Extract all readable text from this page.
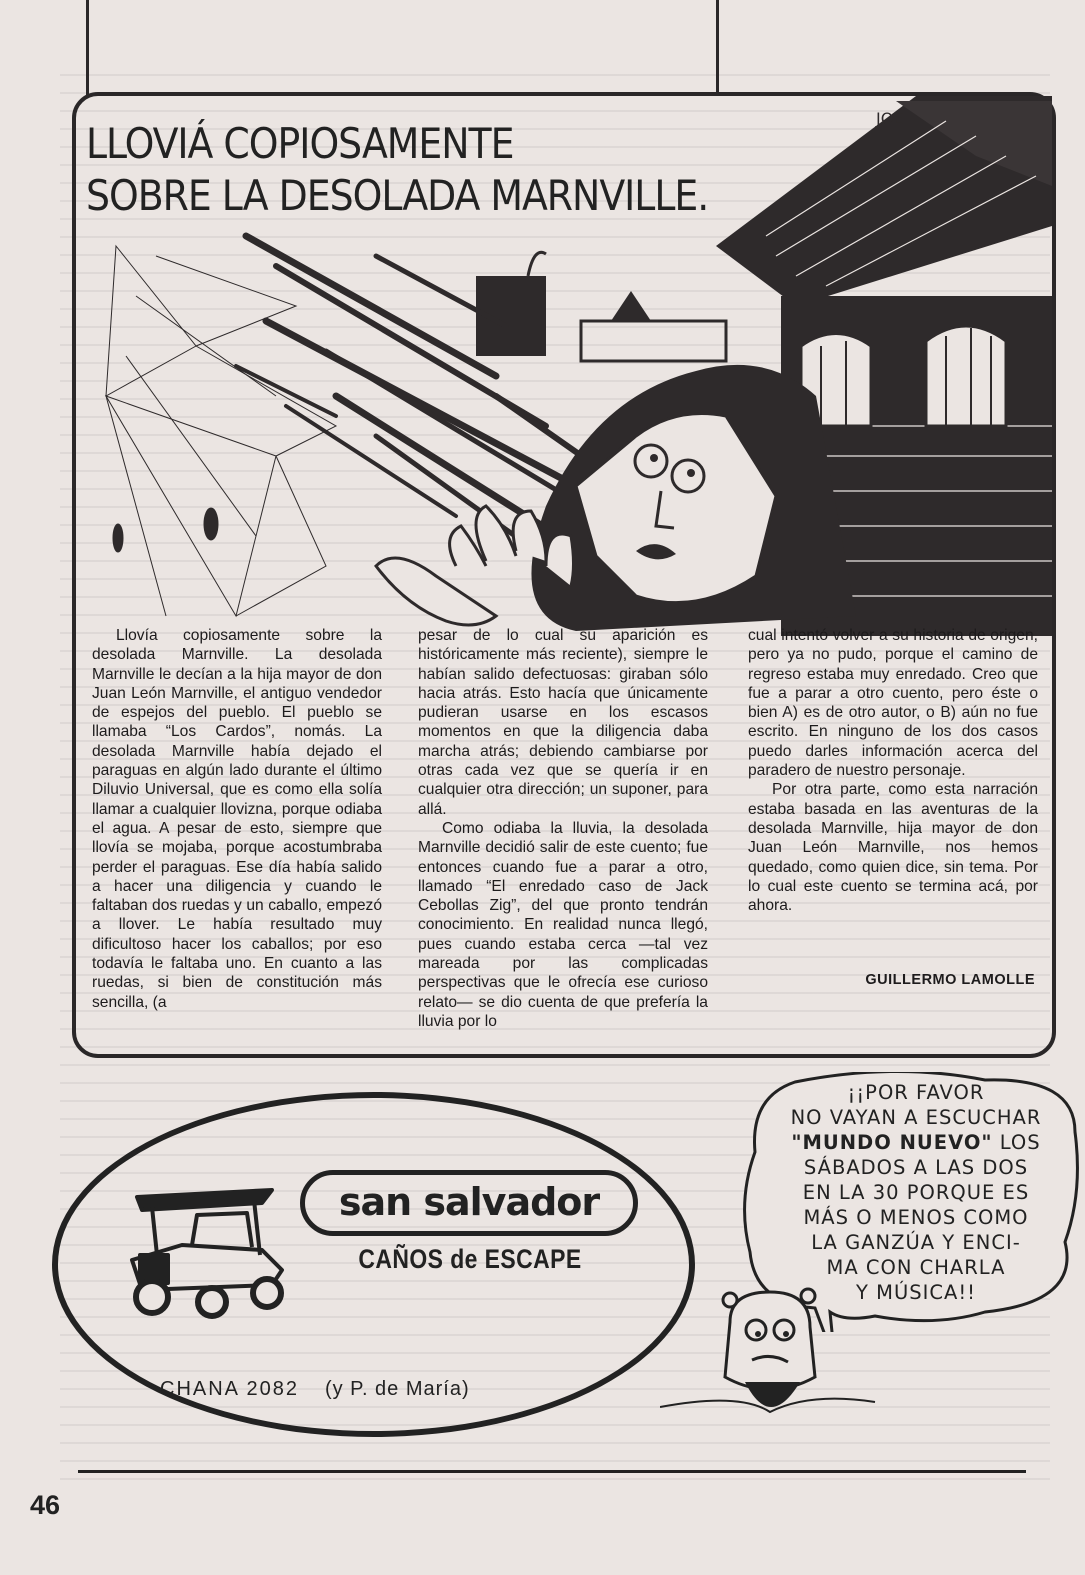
JOE
LLOVIÁ COPIOSAMENTE
SOBRE LA DESOLADA MARNVILLE.

Llovía copiosamente sobre la desolada Marnville. La desolada Marnville le decían a la hija mayor de don Juan León Marnville, el antiguo vendedor de espejos del pueblo. El pueblo se llamaba “Los Cardos”, nomás. La desolada Marnville había dejado el paraguas en algún lado durante el último Diluvio Universal, que es como ella solía llamar a cualquier llovizna, porque odiaba el agua. A pesar de esto, siempre que llovía se mojaba, porque acostumbraba perder el paraguas. Ese día había salido a hacer una diligencia y cuando le faltaban dos ruedas y un caballo, empezó a llover. Le había resultado muy dificultoso hacer los caballos; por eso todavía le faltaba uno. En cuanto a las ruedas, si bien de constitución más sencilla, (a

pesar de lo cual su aparición es históricamente más reciente), siempre le habían salido defectuosas: giraban sólo hacia atrás. Esto hacía que únicamente pudieran usarse en los escasos momentos en que la diligencia daba marcha atrás; debiendo cambiarse por otras cada vez que se quería ir en cualquier otra dirección; un suponer, para allá.

Como odiaba la lluvia, la desolada Marnville decidió salir de este cuento; fue entonces cuando fue a parar a otro, llamado “El enredado caso de Jack Cebollas Zig”, del que pronto tendrán conocimiento. En realidad nunca llegó, pues cuando estaba cerca —tal vez mareada por las complicadas perspectivas que le ofrecía ese curioso relato— se dio cuenta de que prefería la lluvia por lo

cual intentó volver a su historia de origen, pero ya no pudo, porque el camino de regreso estaba muy enredado. Creo que fue a parar a otro cuento, pero éste o bien A) es de otro autor, o B) aún no fue escrito. En ninguno de los dos casos puedo darles información acerca del paradero de nuestro personaje.

Por otra parte, como esta narración estaba basada en las aventuras de la desolada Marnville, hija mayor de don Juan León Marnville, nos hemos quedado, como quien dice, sin tema. Por lo cual este cuento se termina acá, por ahora.

GUILLERMO LAMOLLE
san salvador
CAÑOS de ESCAPE
CHANA 2082 (y P. de María)
¡¡POR FAVOR
NO VAYAN A ESCUCHAR
"MUNDO NUEVO" LOS
SÁBADOS A LAS DOS
EN LA 30 PORQUE ES
MÁS O MENOS COMO
LA GANZÚA Y ENCI-
MA CON CHARLA
Y MÚSICA!!
46
